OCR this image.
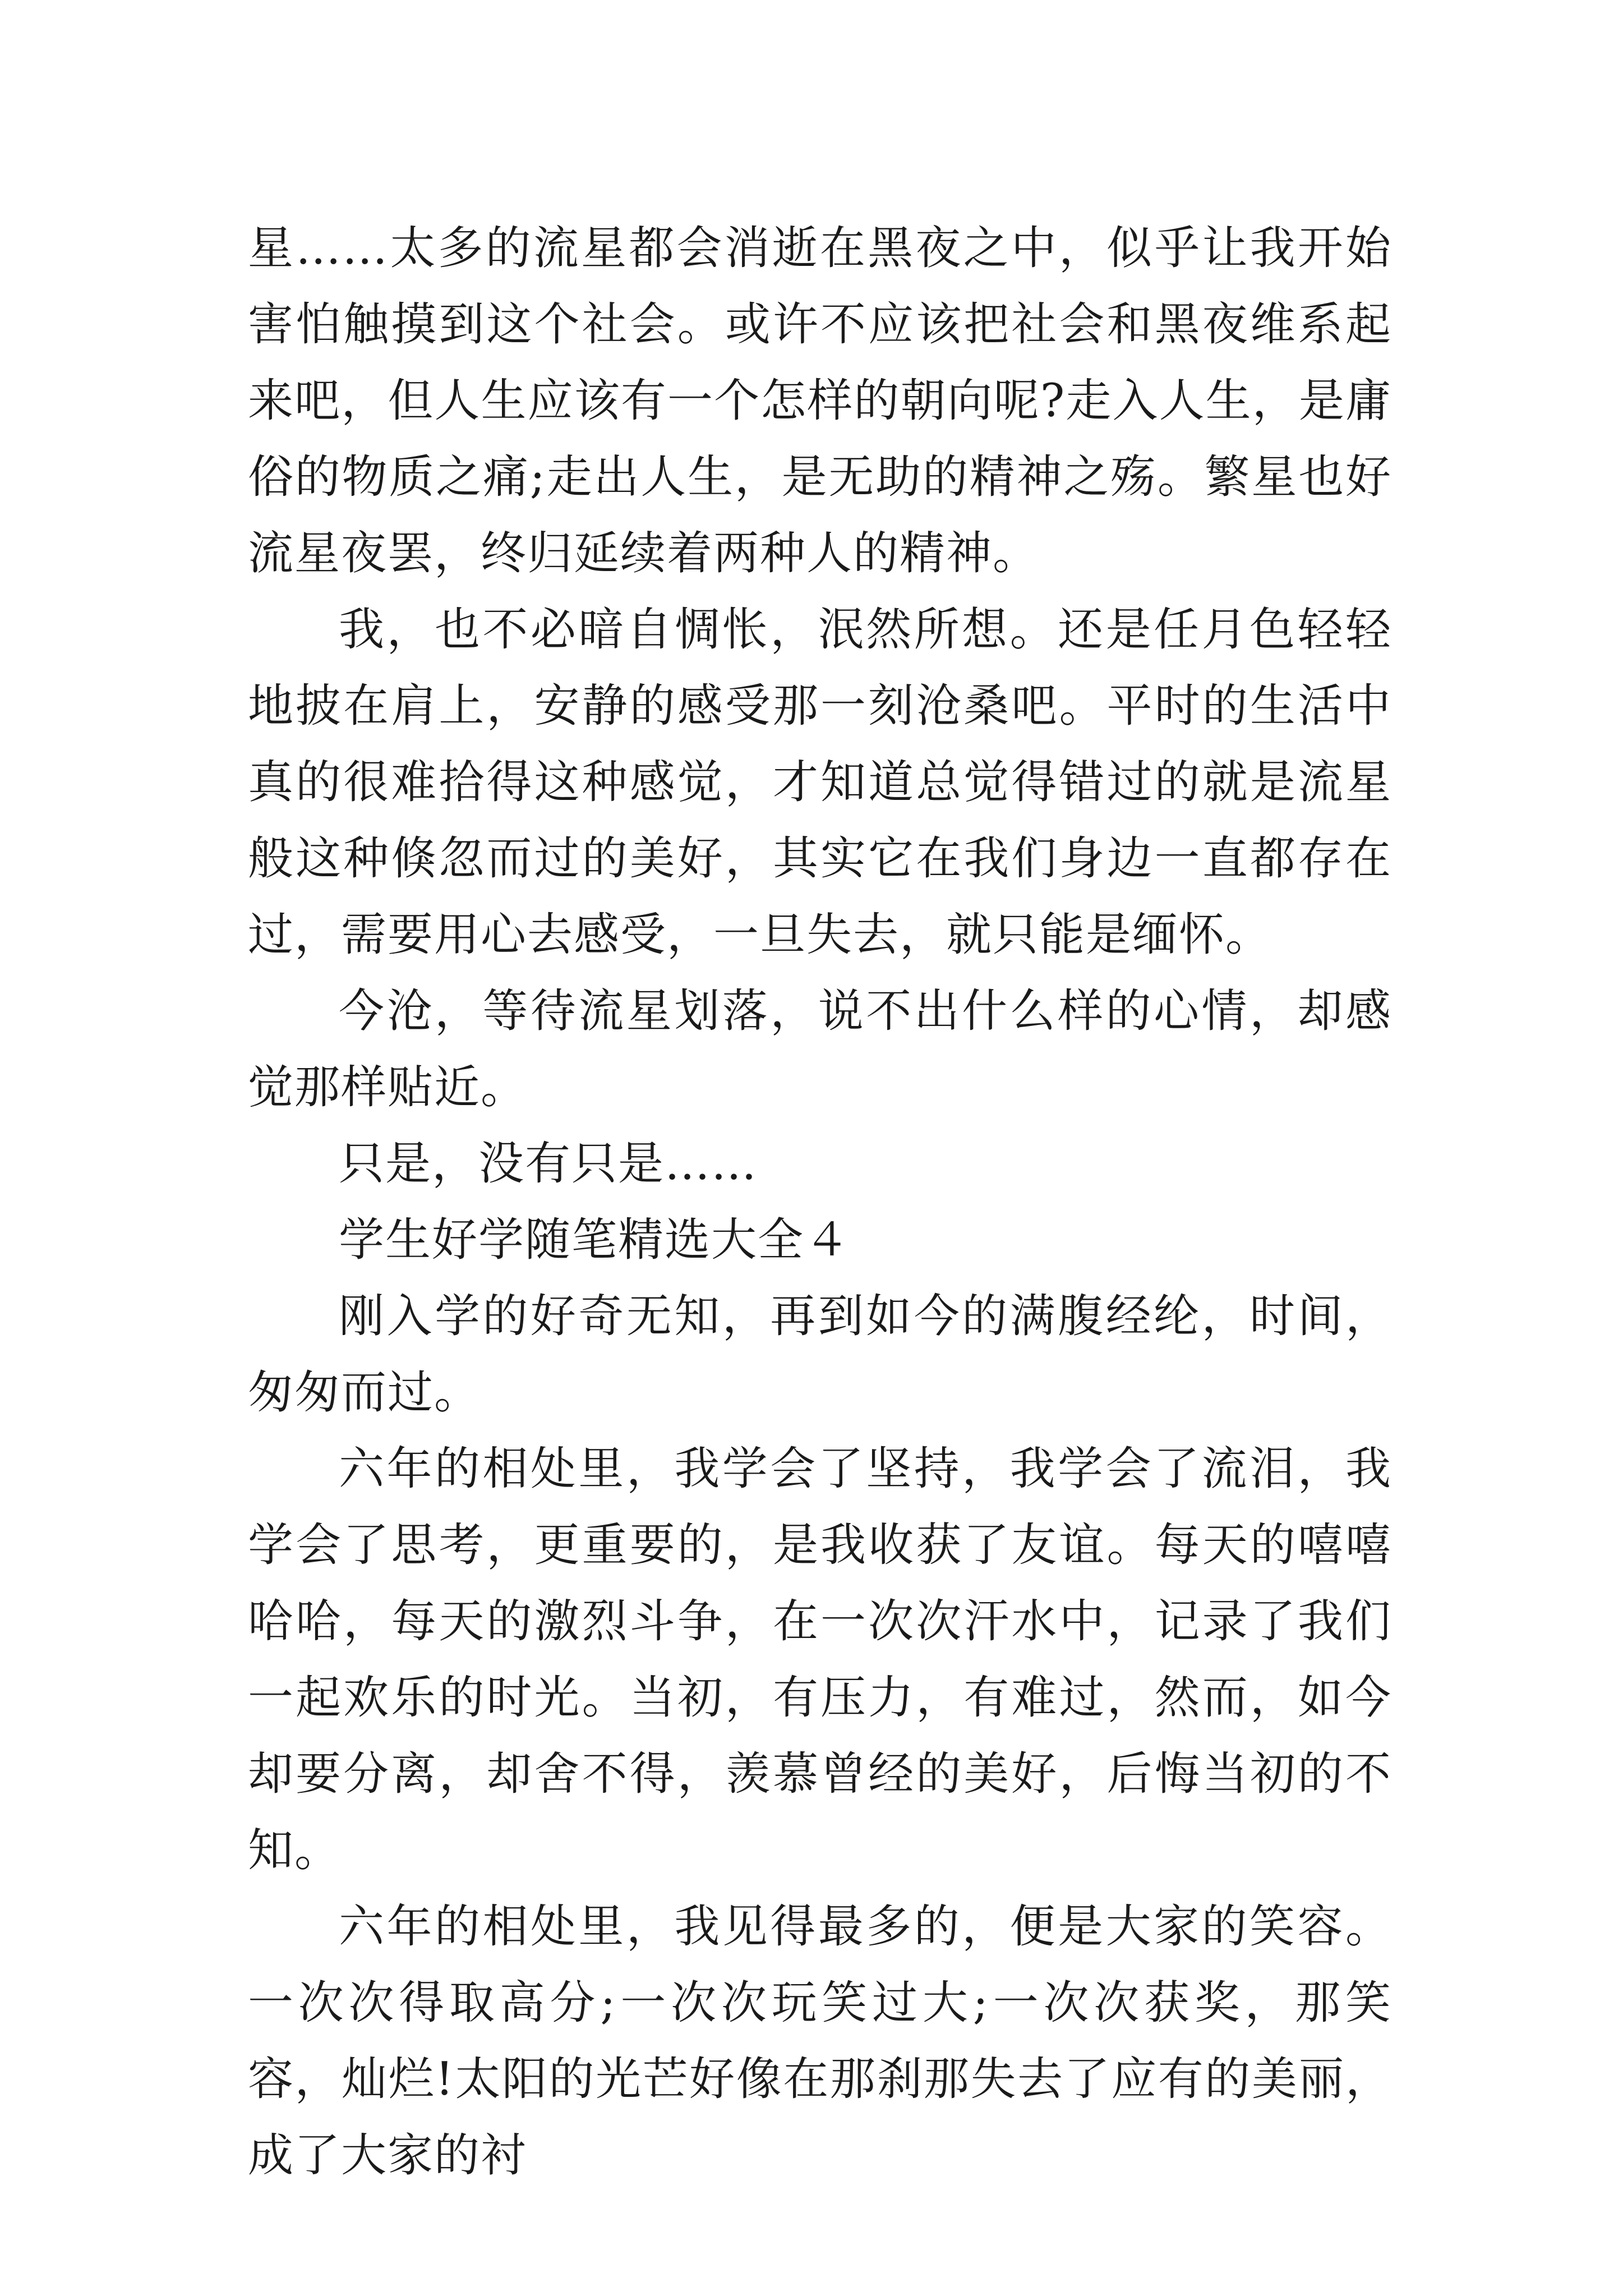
星……太多的流星都会消逝在黑夜之中，似乎让我开始害怕触摸到这个社会。或许不应该把社会和黑夜维系起来吧，但人生应该有一个怎样的朝向呢?走入人生，是庸俗的物质之痛;走出人生，是无助的精神之殇。繁星也好流星夜罢，终归延续着两种人的精神。

我，也不必暗自惆怅，泯然所想。还是任月色轻轻地披在肩上，安静的感受那一刻沧桑吧。平时的生活中真的很难拾得这种感觉，才知道总觉得错过的就是流星般这种倏忽而过的美好，其实它在我们身边一直都存在过，需要用心去感受，一旦失去，就只能是缅怀。

今沧，等待流星划落，说不出什么样的心情，却感觉那样贴近。

只是，没有只是……

学生好学随笔精选大全４

刚入学的好奇无知，再到如今的满腹经纶，时间，匆匆而过。

六年的相处里，我学会了坚持，我学会了流泪，我学会了思考，更重要的，是我收获了友谊。每天的嘻嘻哈哈，每天的激烈斗争，在一次次汗水中，记录了我们一起欢乐的时光。当初，有压力，有难过，然而，如今却要分离，却舍不得，羡慕曾经的美好，后悔当初的不知。

六年的相处里，我见得最多的，便是大家的笑容。一次次得取高分;一次次玩笑过大;一次次获奖，那笑容，灿烂!太阳的光芒好像在那刹那失去了应有的美丽，成了大家的衬
